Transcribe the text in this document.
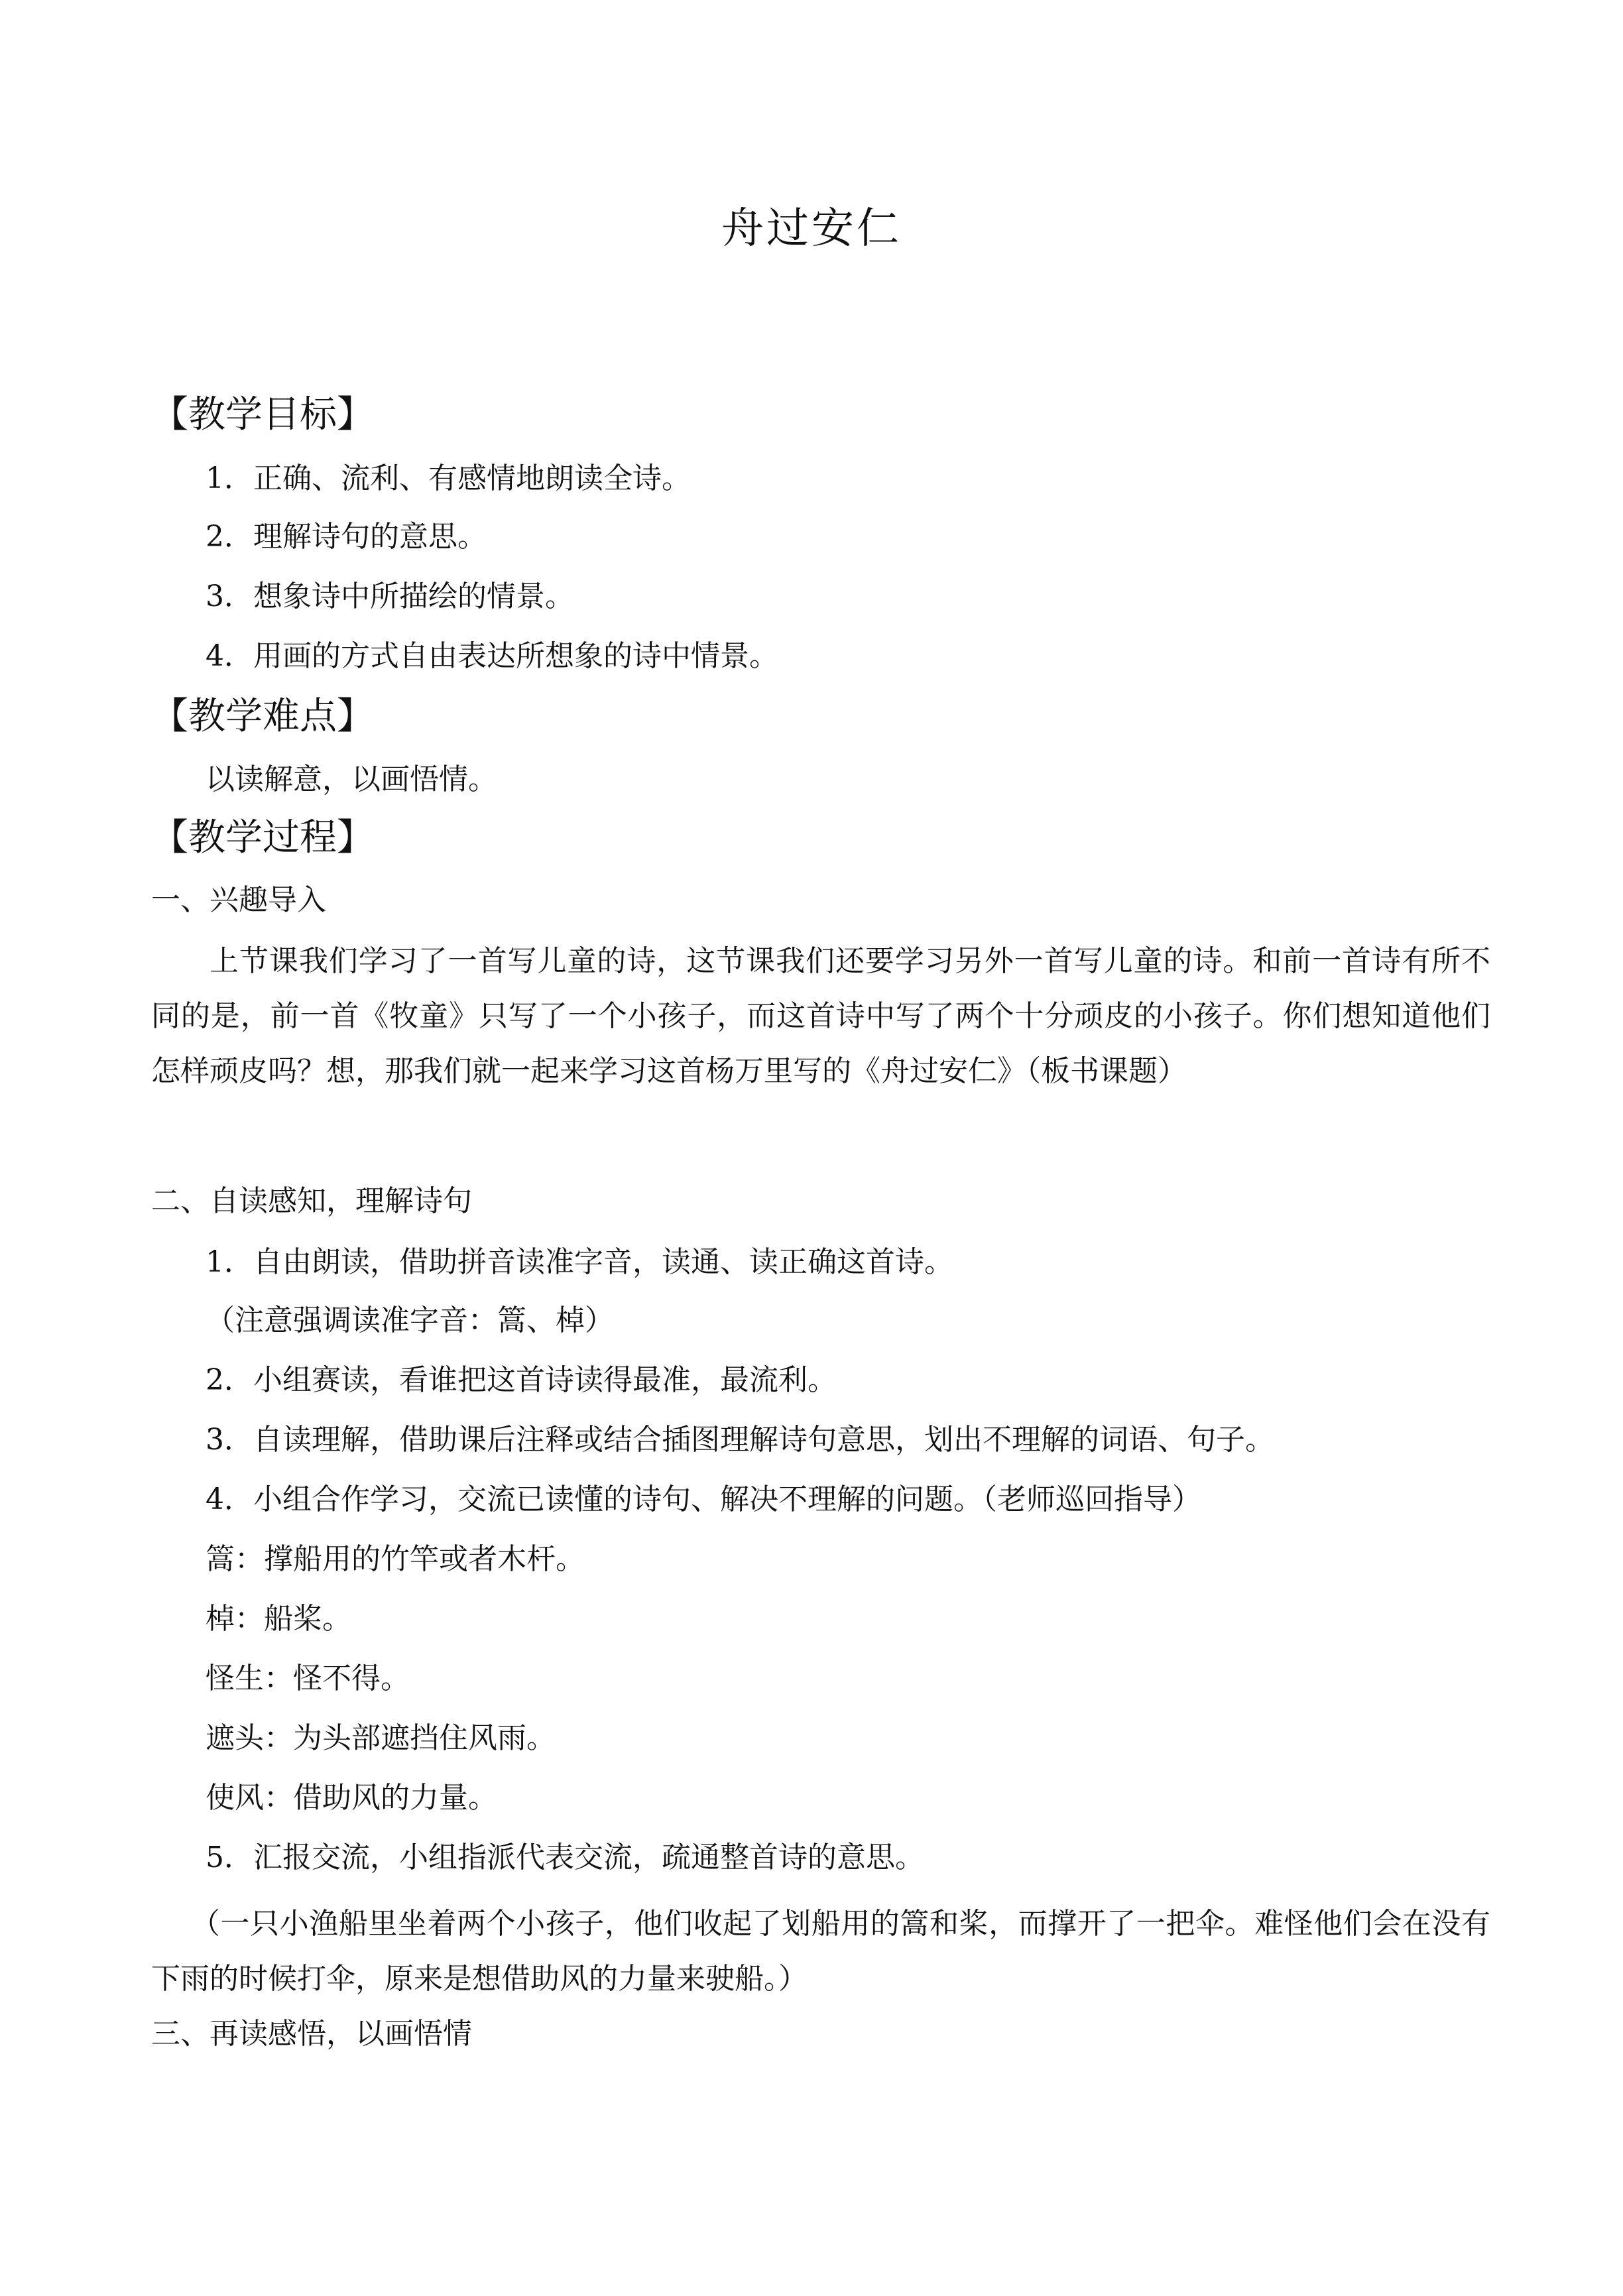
舟过安仁
【教学目标】
1．正确、流利、有感情地朗读全诗。
2．理解诗句的意思。
3．想象诗中所描绘的情景。
4．用画的方式自由表达所想象的诗中情景。
【教学难点】
以读解意，以画悟情。
【教学过程】
一、兴趣导入
上节课我们学习了一首写儿童的诗，这节课我们还要学习另外一首写儿童的诗。和前一首诗有所不同的是，前一首《牧童》只写了一个小孩子，而这首诗中写了两个十分顽皮的小孩子。你们想知道他们怎样顽皮吗？想，那我们就一起来学习这首杨万里写的《舟过安仁》（板书课题）
二、自读感知，理解诗句
1．自由朗读，借助拼音读准字音，读通、读正确这首诗。
（注意强调读准字音：篙、棹）
2．小组赛读，看谁把这首诗读得最准，最流利。
3．自读理解，借助课后注释或结合插图理解诗句意思，划出不理解的词语、句子。
4．小组合作学习，交流已读懂的诗句、解决不理解的问题。（老师巡回指导）
篙：撑船用的竹竿或者木杆。
棹：船桨。
怪生：怪不得。
遮头：为头部遮挡住风雨。
使风：借助风的力量。
5．汇报交流，小组指派代表交流，疏通整首诗的意思。
（一只小渔船里坐着两个小孩子，他们收起了划船用的篙和桨，而撑开了一把伞。难怪他们会在没有下雨的时候打伞，原来是想借助风的力量来驶船。）
三、再读感悟，以画悟情
